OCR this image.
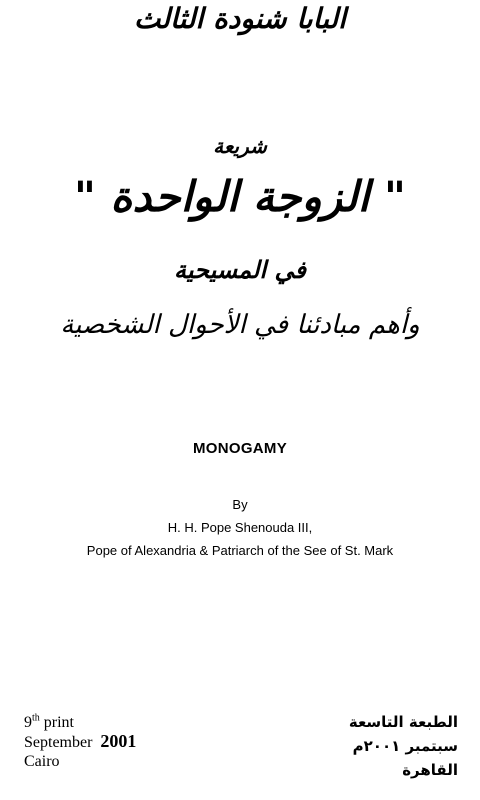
البابا شنودة الثالث
شريعة
" الزوجة الواحدة "
في المسيحية
وأهم مبادئنا في الأحوال الشخصية
MONOGAMY
By
H. H. Pope Shenouda III,
Pope of Alexandria & Patriarch of the See of St. Mark
9th print
September 2001
Cairo
الطبعة التاسعة
سبتمبر ٢٠٠١م
القاهرة
